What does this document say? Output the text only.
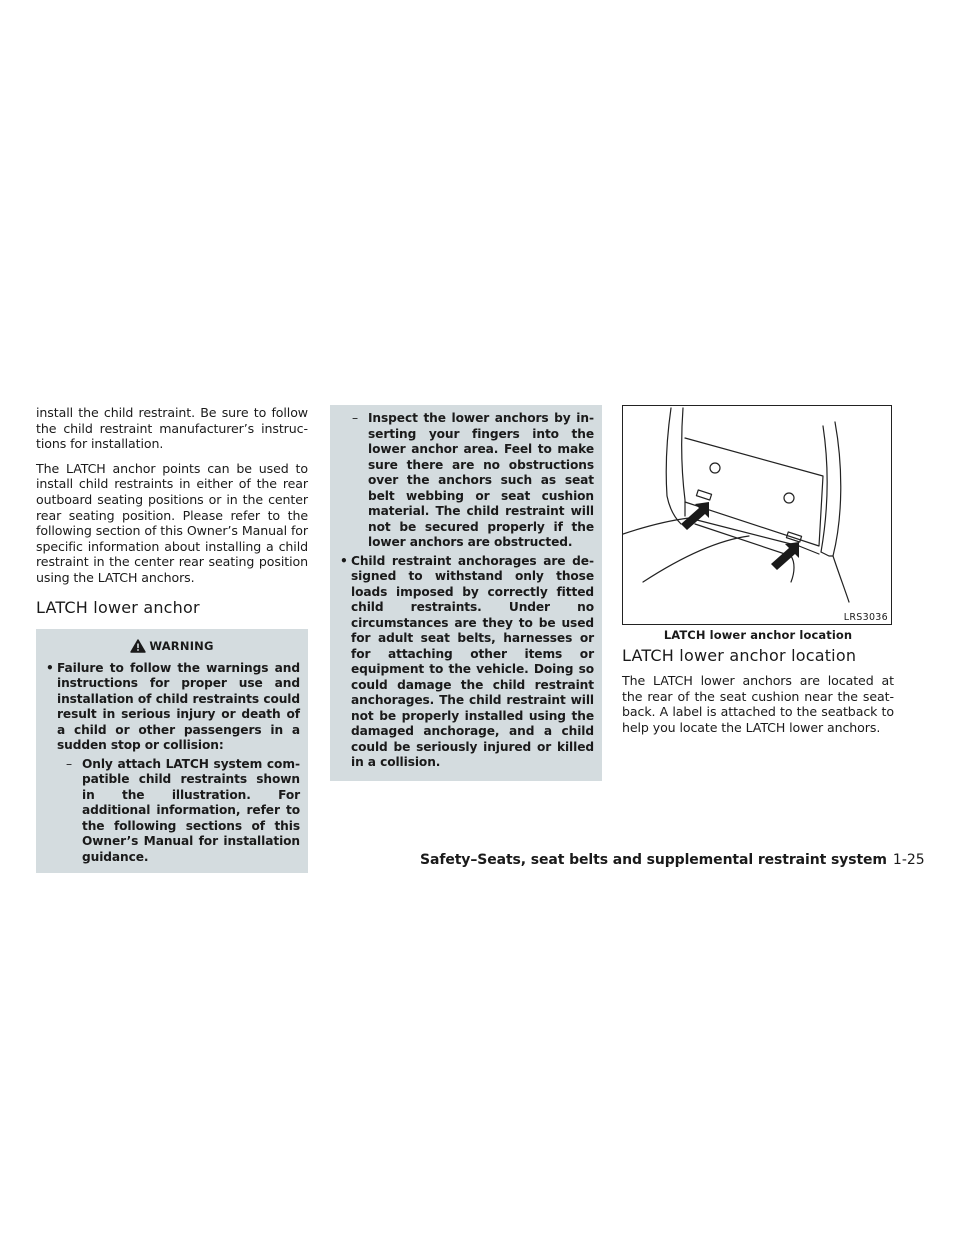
install the child restraint. Be sure to follow the child restraint manufacturer’s instructions for installation.

The LATCH anchor points can be used to install child restraints in either of the rear outboard seating positions or in the center rear seating position. Please refer to the following section of this Owner’s Manual for specific information about installing a child restraint in the center rear seating position using the LATCH anchors.

LATCH lower anchor
WARNING
• Failure to follow the warnings and instructions for proper use and installation of child restraints could result in serious injury or death of a child or other passengers in a sudden stop or collision:
– Only attach LATCH system compatible child restraints shown in the illustration. For additional information, refer to the following sections of this Owner’s Manual for installation guidance.
– Inspect the lower anchors by inserting your fingers into the lower anchor area. Feel to make sure there are no obstructions over the anchors such as seat belt webbing or seat cushion material. The child restraint will not be secured properly if the lower anchors are obstructed.
• Child restraint anchorages are designed to withstand only those loads imposed by correctly fitted child restraints. Under no circumstances are they to be used for adult seat belts, harnesses or for attaching other items or equipment to the vehicle. Doing so could damage the child restraint anchorages. The child restraint will not be properly installed using the damaged anchorage, and a child could be seriously injured or killed in a collision.
LRS3036
LATCH lower anchor location
LATCH lower anchor location

The LATCH lower anchors are located at the rear of the seat cushion near the seatback. A label is attached to the seatback to help you locate the LATCH lower anchors.

Safety–Seats, seat belts and supplemental restraint system 1-25
